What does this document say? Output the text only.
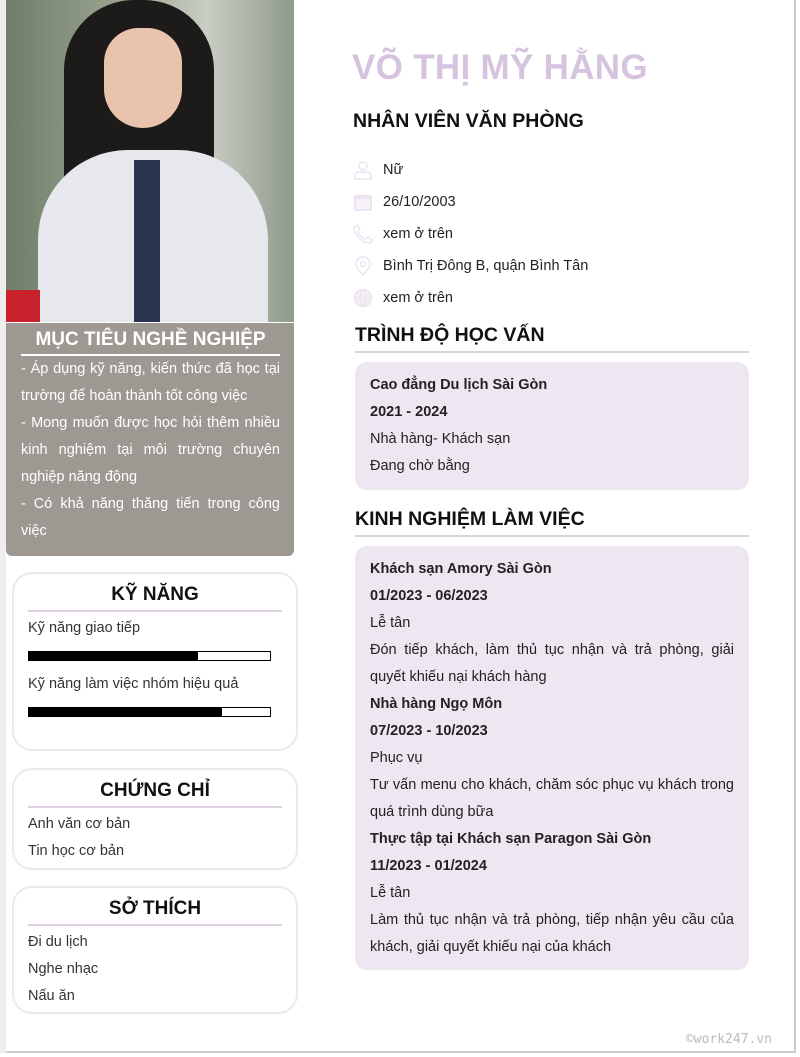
MỤC TIÊU NGHỀ NGHIỆP

- Áp dụng kỹ năng, kiến thức đã học tại trường để hoàn thành tốt công việc

- Mong muốn được học hỏi thêm nhiều kinh nghiệm tại môi trường chuyên nghiệp năng động

- Có khả năng thăng tiến trong công việc

KỸ NĂNG
Kỹ năng giao tiếp
Kỹ năng làm việc nhóm hiệu quả
CHỨNG CHỈ
Anh văn cơ bản
Tin học cơ bản
SỞ THÍCH
Đi du lịch
Nghe nhạc
Nấu ăn
VÕ THỊ MỸ HẰNG
NHÂN VIÊN VĂN PHÒNG
Nữ
26/10/2003
xem ở trên
Bình Trị Đông B, quận Bình Tân
xem ở trên
TRÌNH ĐỘ HỌC VẤN
Cao đẳng Du lịch Sài Gòn
2021 - 2024
Nhà hàng- Khách sạn
Đang chờ bằng
KINH NGHIỆM LÀM VIỆC
Khách sạn Amory Sài Gòn
01/2023 - 06/2023
Lễ tân
Đón tiếp khách, làm thủ tục nhận và trả phòng, giải quyết khiếu nại khách hàng
Nhà hàng Ngọ Môn
07/2023 - 10/2023
Phục vụ
Tư vấn menu cho khách, chăm sóc phục vụ khách trong quá trình dùng bữa
Thực tập tại Khách sạn Paragon Sài Gòn
11/2023 - 01/2024
Lễ tân
Làm thủ tục nhận và trả phòng, tiếp nhận yêu cầu của khách, giải quyết khiếu nại của khách
©work247.vn
